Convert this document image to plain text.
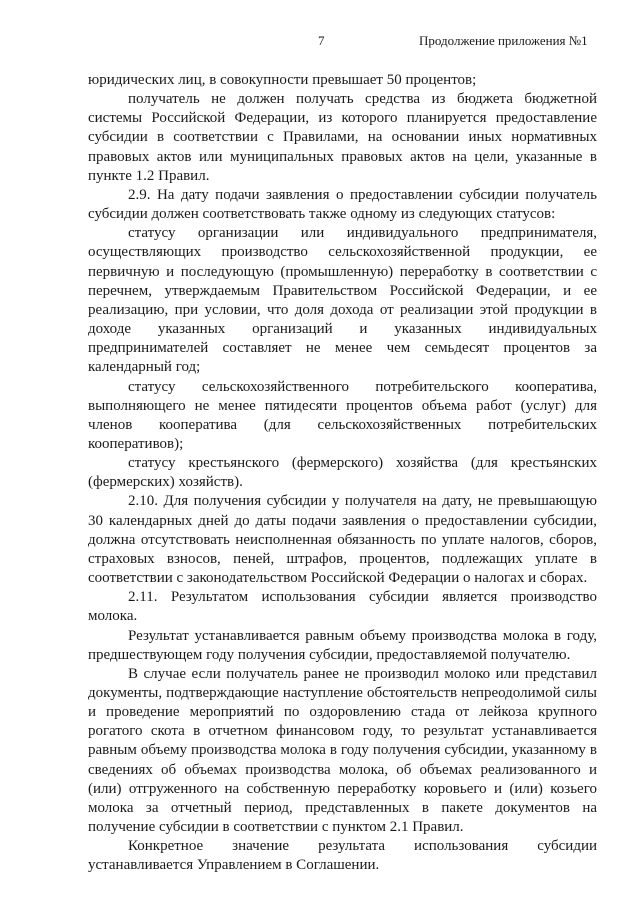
7	Продолжение приложения №1

юридических лиц, в совокупности превышает 50 процентов;

получатель не должен получать средства из бюджета бюджетной системы Российской Федерации, из которого планируется предоставление субсидии в соответствии с Правилами, на основании иных нормативных правовых актов или муниципальных правовых актов на цели, указанные в пункте 1.2 Правил.

2.9. На дату подачи заявления о предоставлении субсидии получатель субсидии должен соответствовать также одному из следующих статусов:

статусу организации или индивидуального предпринимателя, осуществляющих производство сельскохозяйственной продукции, ее первичную и последующую (промышленную) переработку в соответствии с перечнем, утверждаемым Правительством Российской Федерации, и ее реализацию, при условии, что доля дохода от реализации этой продукции в доходе указанных организаций и указанных индивидуальных предпринимателей составляет не менее чем семьдесят процентов за календарный год;

статусу сельскохозяйственного потребительского кооператива, выполняющего не менее пятидесяти процентов объема работ (услуг) для членов кооператива (для сельскохозяйственных потребительских кооперативов);

статусу крестьянского (фермерского) хозяйства (для крестьянских (фермерских) хозяйств).

2.10. Для получения субсидии у получателя на дату, не превышающую 30 календарных дней до даты подачи заявления о предоставлении субсидии, должна отсутствовать неисполненная обязанность по уплате налогов, сборов, страховых взносов, пеней, штрафов, процентов, подлежащих уплате в соответствии с законодательством Российской Федерации о налогах и сборах.

2.11. Результатом использования субсидии является производство молока.

Результат устанавливается равным объему производства молока в году, предшествующем году получения субсидии, предоставляемой получателю.

В случае если получатель ранее не производил молоко или представил документы, подтверждающие наступление обстоятельств непреодолимой силы и проведение мероприятий по оздоровлению стада от лейкоза крупного рогатого скота в отчетном финансовом году, то результат устанавливается равным объему производства молока в году получения субсидии, указанному в сведениях об объемах производства молока, об объемах реализованного и (или) отгруженного на собственную переработку коровьего и (или) козьего молока за отчетный период, представленных в пакете документов на получение субсидии в соответствии с пунктом 2.1 Правил.

Конкретное значение результата использования субсидии устанавливается Управлением в Соглашении.
